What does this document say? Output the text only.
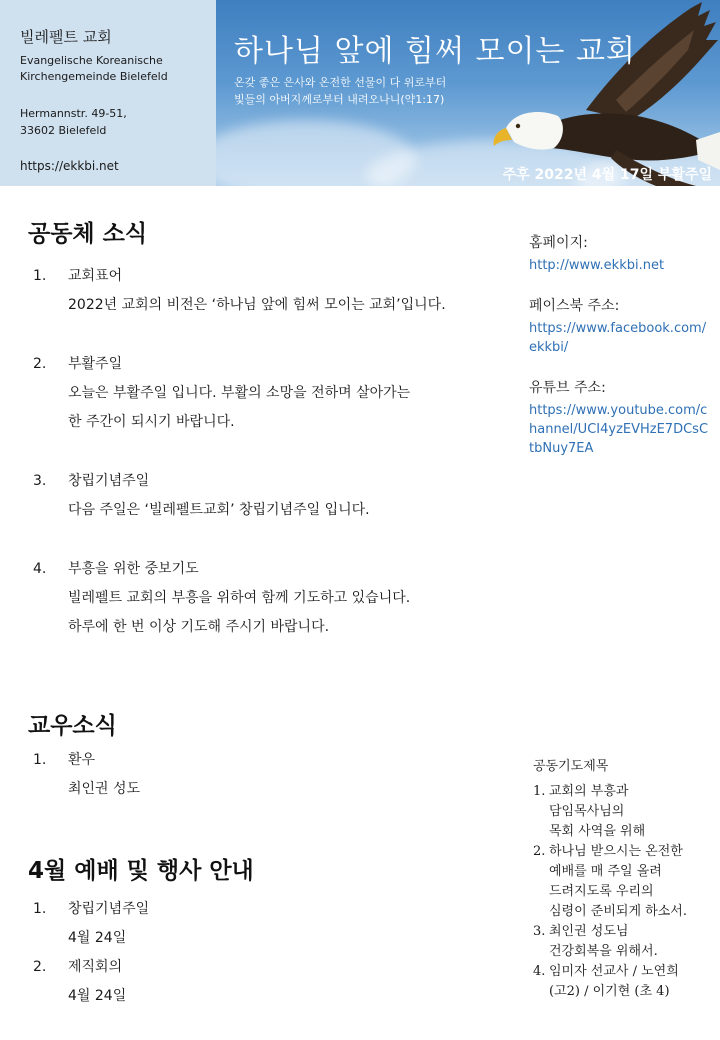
빌레펠트 교회
Evangelische Koreanische
Kirchengemeinde Bielefeld
Hermannstr. 49-51,
33602 Bielefeld
https://ekkbi.net
하나님 앞에 힘써 모이는 교회
온갖 좋은 은사와 온전한 선물이 다 위로부터
빛들의 아버지께로부터 내려오나니(약1:17)
주후 2022년 4월 17일 부활주일
공동체 소식
1. 교회표어
2022년 교회의 비전은 ‘하나님 앞에 힘써 모이는 교회’입니다.
2. 부활주일
오늘은 부활주일 입니다. 부활의 소망을 전하며 살아가는
한 주간이 되시기 바랍니다.
3. 창립기념주일
다음 주일은 ‘빌레펠트교회’ 창립기념주일 입니다.
4. 부흥을 위한 중보기도
빌레펠트 교회의 부흥을 위하여 함께 기도하고 있습니다.
하루에 한 번 이상 기도해 주시기 바랍니다.
교우소식
1. 환우
최인권 성도
4월 예배 및 행사 안내
1. 창립기념주일
4월 24일
2. 제직회의
4월 24일
홈페이지:
http://www.ekkbi.net
페이스북 주소:
https://www.facebook.com/ekkbi/
유튜브 주소:
https://www.youtube.com/channel/UCI4yzEVHzE7DCsCtbNuy7EA
공동기도제목
1. 교회의 부흥과
담임목사님의
목회 사역을 위해
2. 하나님 받으시는 온전한
예배를 매 주일 올려
드려지도록 우리의
심령이 준비되게 하소서.
3. 최인권 성도님
건강회복을 위해서.
4. 임미자 선교사 / 노연희
(고2) / 이기현 (초 4)
